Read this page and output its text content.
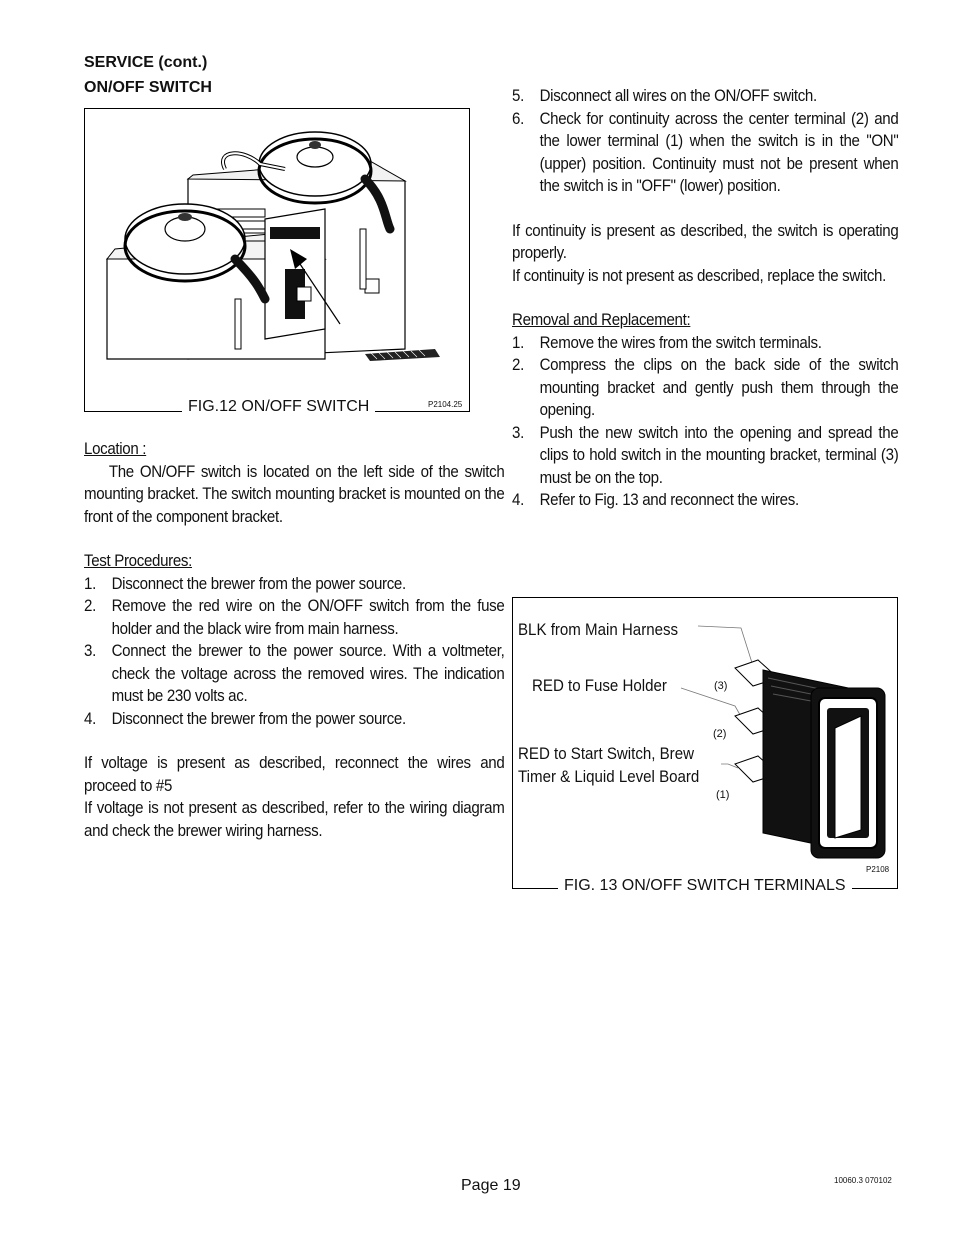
SERVICE (cont.)
ON/OFF SWITCH
FIG.12 ON/OFF SWITCH	P2104.25
Location :

The ON/OFF switch is located on the left side of the switch mounting bracket. The switch mounting bracket is mounted on the front of the component bracket.

Test Procedures:
1. Disconnect the brewer from the power source.
2. Remove the red wire on the ON/OFF switch from the fuse holder and the black wire from main harness.
3. Connect the brewer to the power source. With a voltmeter, check the voltage across the removed wires. The indication must be 230 volts ac.
4. Disconnect the brewer from the power source.

If voltage is present as described, reconnect the wires and proceed to #5

If voltage is not present as described, refer to the wiring diagram and check the brewer wiring harness.

5. Disconnect all wires on the ON/OFF switch.
6. Check for continuity across the center terminal (2) and the lower terminal (1) when the switch is in the "ON" (upper) position. Continuity must not be present when the switch is in "OFF" (lower) position.

If continuity is present as described, the switch is operating properly.

If continuity is not present as described, replace the switch.

Removal and Replacement:
1. Remove the wires from the switch terminals.
2. Compress the clips on the back side of the switch mounting bracket and gently push them through the opening.
3. Push the new switch into the opening and spread the clips to hold switch in the mounting bracket, terminal (3) must be on the top.
4. Refer to Fig. 13 and reconnect the wires.
BLK from Main Harness
RED to Fuse Holder
RED to Start Switch, Brew
Timer & Liquid Level Board
(3)
(2)
(1)
P2108
FIG. 13 ON/OFF SWITCH TERMINALS
Page 19	10060.3 070102
